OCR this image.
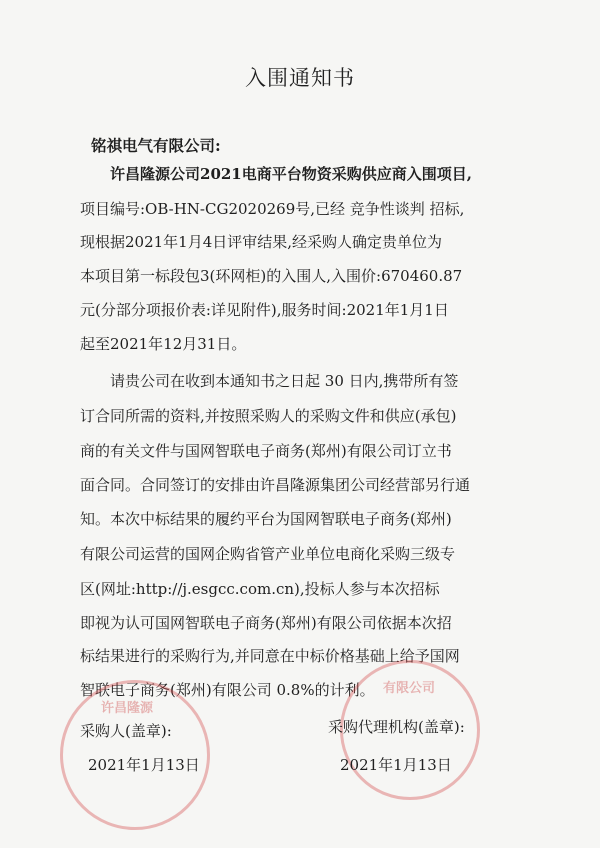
入围通知书
铭祺电气有限公司:
许昌隆源公司2021电商平台物资采购供应商入围项目,
项目编号:OB-HN-CG2020269号,已经 竞争性谈判 招标,
现根据2021年1月4日评审结果,经采购人确定贵单位为
本项目第一标段包3(环网柜)的入围人,入围价:670460.87
元(分部分项报价表:详见附件),服务时间:2021年1月1日
起至2021年12月31日。
请贵公司在收到本通知书之日起 30 日内,携带所有签
订合同所需的资料,并按照采购人的采购文件和供应(承包)
商的有关文件与国网智联电子商务(郑州)有限公司订立书
面合同。合同签订的安排由许昌隆源集团公司经营部另行通
知。本次中标结果的履约平台为国网智联电子商务(郑州)
有限公司运营的国网企购省管产业单位电商化采购三级专
区(网址:http://j.esgcc.com.cn),投标人参与本次招标
即视为认可国网智联电子商务(郑州)有限公司依据本次招
标结果进行的采购行为,并同意在中标价格基础上给予国网
智联电子商务(郑州)有限公司 0.8%的计利。
许昌隆源
有限公司
采购人(盖章):
2021年1月13日
采购代理机构(盖章):
2021年1月13日
